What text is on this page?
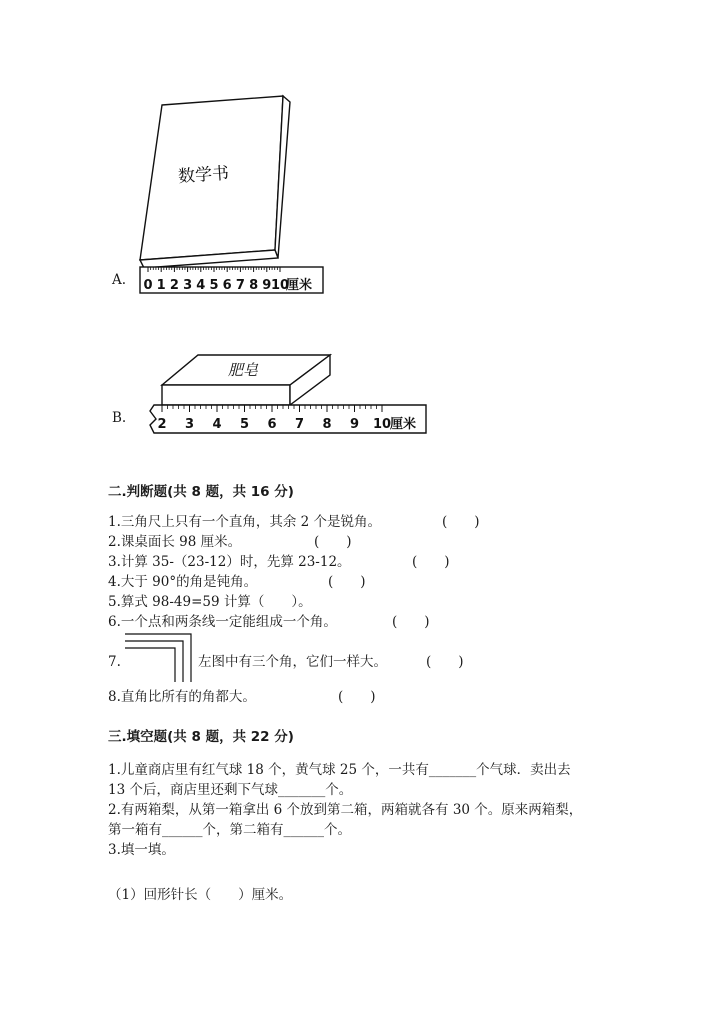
A.
数学书
0 1 2 3 4 5 6 7 8 9 10
厘米
B.
肥皂
2 3 4 5 6 7 8 9 10
厘米
二.判断题(共 8 题，共 16 分)
1.三角尺上只有一个直角，其余 2 个是锐角。	(　　)
2.课桌面长 98 厘米。	(　　)
3.计算 35-（23-12）时，先算 23-12。	(　　)
4.大于 90°的角是钝角。	(　　)
5.算式 98-49=59 计算（　　）。
6.一个点和两条线一定能组成一个角。	(　　)
7.	左图中有三个角，它们一样大。	(　　)
8.直角比所有的角都大。	(　　)
三.填空题(共 8 题，共 22 分)
1.儿童商店里有红气球 18 个，黄气球 25 个，一共有_______个气球．卖出去
13 个后，商店里还剩下气球_______个。
2.有两箱梨，从第一箱拿出 6 个放到第二箱，两箱就各有 30 个。原来两箱梨，
第一箱有______个，第二箱有______个。
3.填一填。
（1）回形针长（　　）厘米。
